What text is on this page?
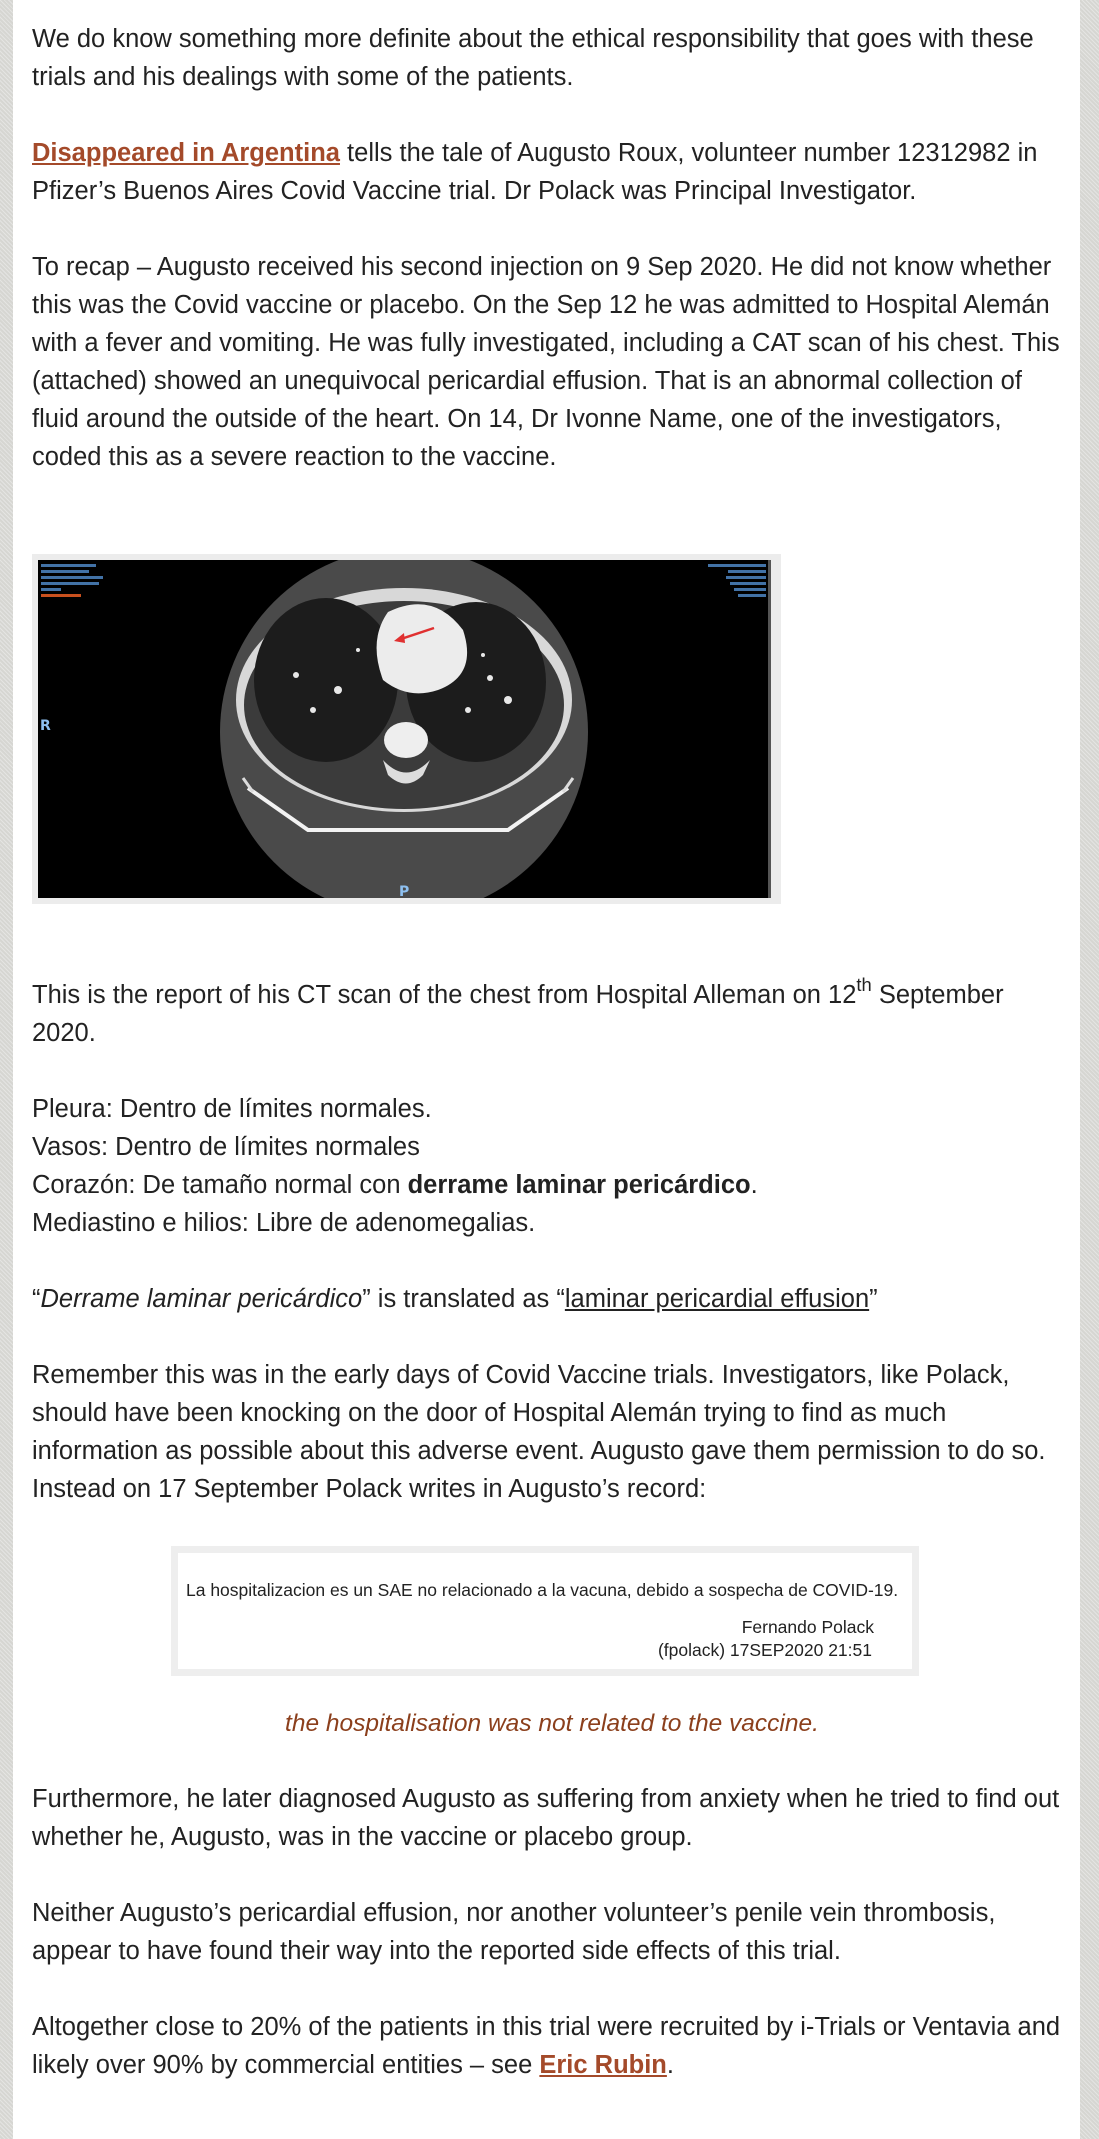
We do know something more definite about the ethical responsibility that goes with these trials and his dealings with some of the patients.

Disappeared in Argentina tells the tale of Augusto Roux, volunteer number 12312982 in Pfizer’s Buenos Aires Covid Vaccine trial. Dr Polack was Principal Investigator.

To recap – Augusto received his second injection on 9 Sep 2020. He did not know whether this was the Covid vaccine or placebo. On the Sep 12 he was admitted to Hospital Alemán with a fever and vomiting. He was fully investigated, including a CAT scan of his chest. This (attached) showed an unequivocal pericardial effusion. That is an abnormal collection of fluid around the outside of the heart. On 14, Dr Ivonne Name, one of the investigators, coded this as a severe reaction to the vaccine.

R
P

This is the report of his CT scan of the chest from Hospital Alleman on 12th September 2020.

Pleura: Dentro de límites normales.

Vasos: Dentro de límites normales

Corazón: De tamaño normal con derrame laminar pericárdico.

Mediastino e hilios: Libre de adenomegalias.

“Derrame laminar pericárdico” is translated as “laminar pericardial effusion”

Remember this was in the early days of Covid Vaccine trials. Investigators, like Polack, should have been knocking on the door of Hospital Alemán trying to find as much information as possible about this adverse event. Augusto gave them permission to do so. Instead on 17 September Polack writes in Augusto’s record:

La hospitalizacion es un SAE no relacionado a la vacuna, debido a sospecha de COVID-19.
Fernando Polack
(fpolack) 17SEP2020 21:51
the hospitalisation was not related to the vaccine.

Furthermore, he later diagnosed Augusto as suffering from anxiety when he tried to find out whether he, Augusto, was in the vaccine or placebo group.

Neither Augusto’s pericardial effusion, nor another volunteer’s penile vein thrombosis, appear to have found their way into the reported side effects of this trial.

Altogether close to 20% of the patients in this trial were recruited by i-Trials or Ventavia and likely over 90% by commercial entities – see Eric Rubin.
